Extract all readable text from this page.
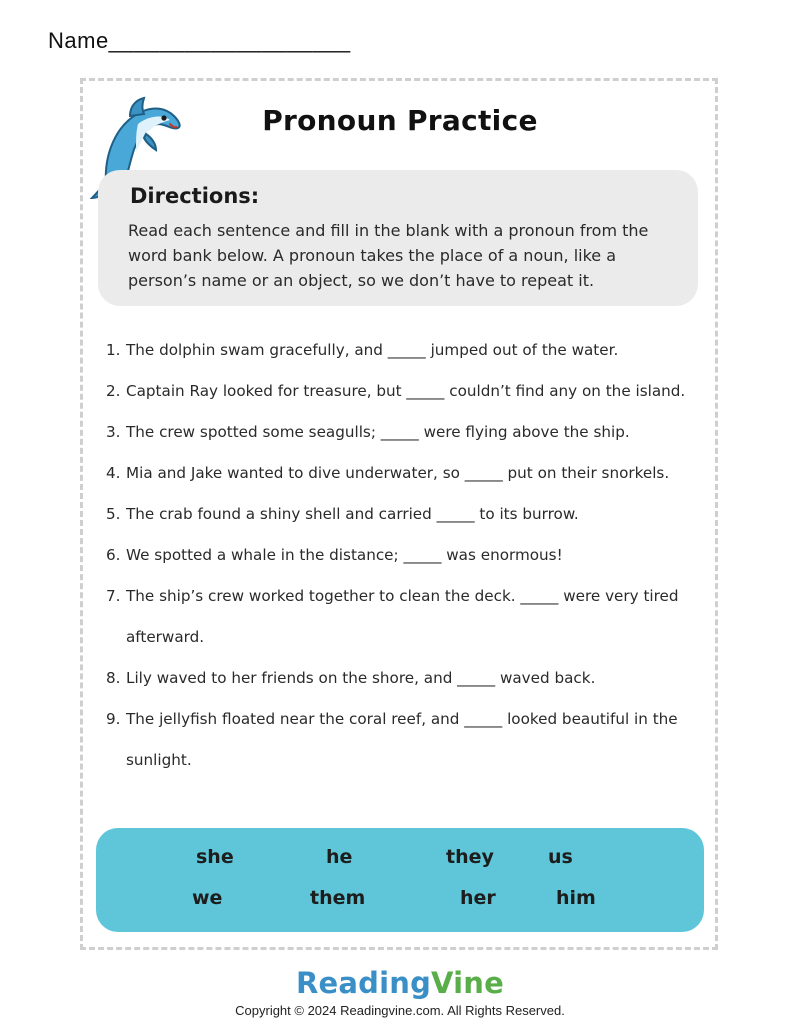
Name___________________
Pronoun Practice
Directions:
Read each sentence and fill in the blank with a pronoun from the word bank below. A pronoun takes the place of a noun, like a person’s name or an object, so we don’t have to repeat it.
1. The dolphin swam gracefully, and _____ jumped out of the water.
2. Captain Ray looked for treasure, but _____ couldn’t find any on the island.
3. The crew spotted some seagulls; _____ were flying above the ship.
4. Mia and Jake wanted to dive underwater, so _____ put on their snorkels.
5. The crab found a shiny shell and carried _____ to its burrow.
6. We spotted a whale in the distance; _____ was enormous!
7. The ship’s crew worked together to clean the deck. _____ were very tired afterward.
8. Lily waved to her friends on the shore, and _____ waved back.
9. The jellyfish floated near the coral reef, and _____ looked beautiful in the sunlight.
she	he	they	us
we	them	her	him
ReadingVine
Copyright © 2024 Readingvine.com. All Rights Reserved.
